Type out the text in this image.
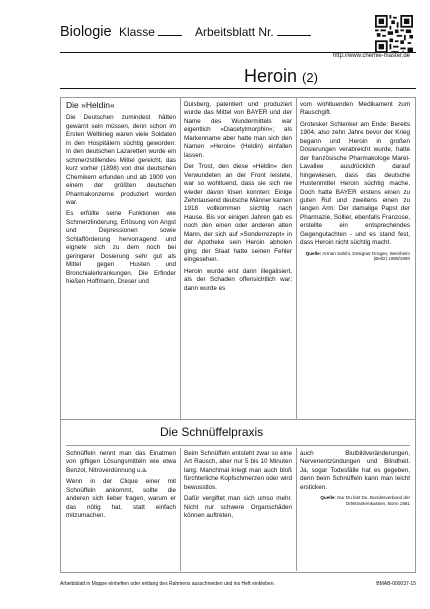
Biologie Klasse	Arbeitsblatt Nr.
http://www.chemie-master.de
Heroin (2)
Die »Heldin«

Die Deutschen zumindest hätten gewarnt sein müssen, denn schon im Ersten Weltkrieg waren viele Soldaten in den Hospitälern süchtig geworden: In den deutschen Lazaretten wurde ein schmerzstillendes Mittel gereicht, das kurz vorher (1898) von drei deutschen Chemikern erfunden und ab 1900 von einem der größten deutschen Pharmakonzerne produziert worden war.

Es erfüllte seine Funktionen wie Schmerzlinderung, Erlösung von Angst und Depressionen sowie Schlafförderung hervorragend und eignete sich zu dem noch bei geringerer Dosierung sehr gut als Mittel gegen Husten und Bronchialerkrankungen. Die Erfinder hießen Hoffmann, Dreser und

Duisberg, patentiert und produziert wurde das Mittel von BAYER und der Name des Wundermittels war eigentlich »Diacetylmorphin«; als Markenname aber hatte man sich den Namen »Heroin« (Heldin) einfallen lassen.

Der Trost, den diese »Heldin« den Verwundeten an der Front leistete, war so wohltuend, dass sie sich nie wieder davon lösen konnten: Einige Zehntausend deutsche Männer kamen 1918 vollkommen süchtig nach Hause. Bis vor einigen Jahren gab es noch den einen oder anderen alten Mann, der sich auf »Sonderrezept« in der Apotheke sein Heroin abholen ging; der Staat hatte seinen Fehler eingesehen.

Heroin wurde erst dann illegalisiert, als der Schaden offensichtlich war; dann wurde es

vom wohltuenden Medikament zum Rauschgift.

Grotesker Schlenker am Ende: Bereits 1904, also zehn Jahre bevor der Krieg begann und Heroin in großen Dosierungen verabreicht wurde, hatte der französische Pharmakologe Marel-Lavallee ausdrücklich darauf hingewiesen, dass das deutsche Hustenmittel Heroin süchtig mache. Doch hatte BAYER erstens einen zu guten Ruf und zweitens einen zu langen Arm: Der damalige Papst der Pharmazie, Sollier, ebenfalls Franzose, erstellte ein entsprechendes Gegengutachten - und es stand fest, dass Heroin nicht süchtig macht.

Quelle: Arman Sahihi, Designer Drogen, Weinheim (Beltz) 1989/1990
Die Schnüffelpraxis

Schnüffeln nennt man das Einatmen von giftigen Lösungsmitteln wie etwa Benzol, Nitroverdünnung u.a.

Wenn in der Clique einer mit Schnüffeln ankommt, sollte die anderen sich lieber fragen, warum er das nötig hat, statt einfach mitzumachen.

Beim Schnüffeln entsteht zwar so eine Art Rausch, aber nur 5 bis 10 Minuten lang. Manchmal kriegt man auch bloß fürchterliche Kopfschmerzen oder wird bewusstlos.

Dafür vergiftet man sich umso mehr. Nicht nur schwere Organschäden können auftreten,

auch Blutbildveränderungen, Nervenentzündungen und Blindheit. Ja, sogar Todesfälle hat es gegeben, denn beim Schnüffeln kann man leicht ersticken.

Quelle: Nur Du bist Du, Bundesverband der Ortskrankenkassen, Bonn 1981
Arbeitsblatt in Mappe einheften oder entlang des Rahmens ausschneiden und ins Heft einkleben.	BMAB-000037-15
